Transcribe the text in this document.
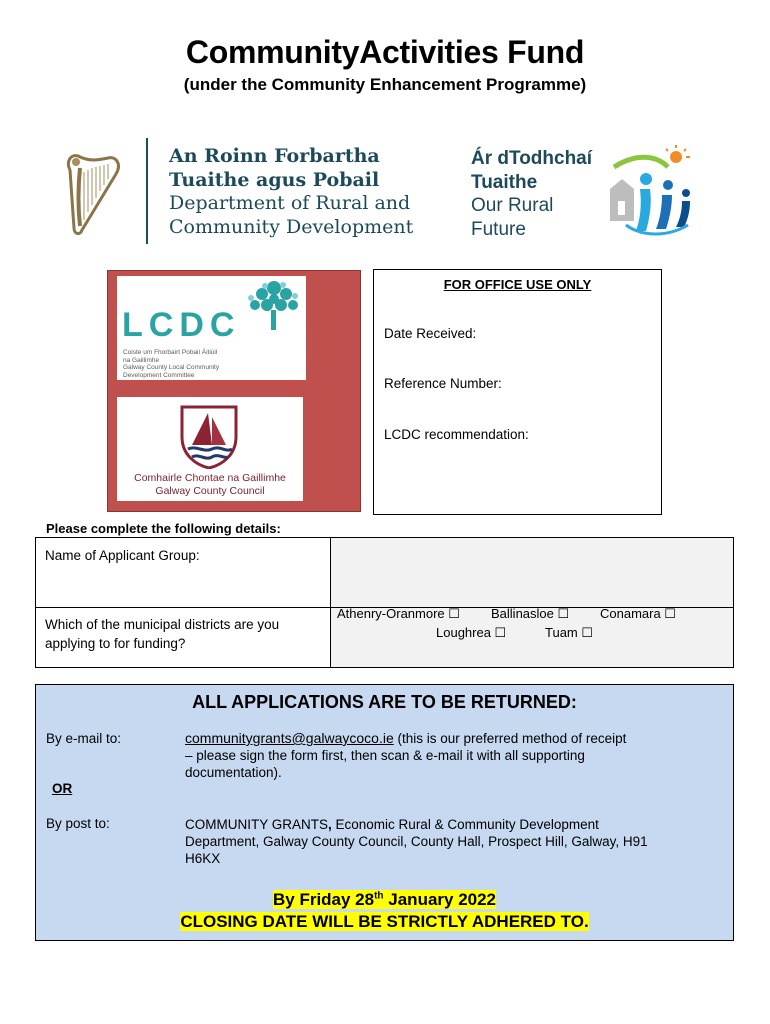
CommunityActivities Fund
(under the Community Enhancement Programme)
An Roinn Forbartha
Tuaithe agus Pobail
Department of Rural and
Community Development
Ár dTodhchaí
Tuaithe
Our Rural
Future
LCDC
Coiste um Fhorbairt Pobail Áitiúil
na Gaillimhe
Galway County Local Community
Development Committee
Comhairle Chontae na Gaillimhe
Galway County Council
FOR OFFICE USE ONLY
Date Received:
Reference Number:
LCDC recommendation:
Please complete the following details:
Name of Applicant Group:
Which of the municipal districts are you
applying to for funding?
Athenry-Oranmore ☐ Ballinasloe ☐ Conamara ☐
Loughrea ☐	Tuam ☐
ALL APPLICATIONS ARE TO BE RETURNED:
By e-mail to:	communitygrants@galwaycoco.ie (this is our preferred method of receipt
– please sign the form first, then scan & e-mail it with all supporting
documentation).
OR
By post to:	COMMUNITY GRANTS, Economic Rural & Community Development
Department, Galway County Council, County Hall, Prospect Hill, Galway, H91
H6KX
By Friday 28th January 2022
CLOSING DATE WILL BE STRICTLY ADHERED TO.
